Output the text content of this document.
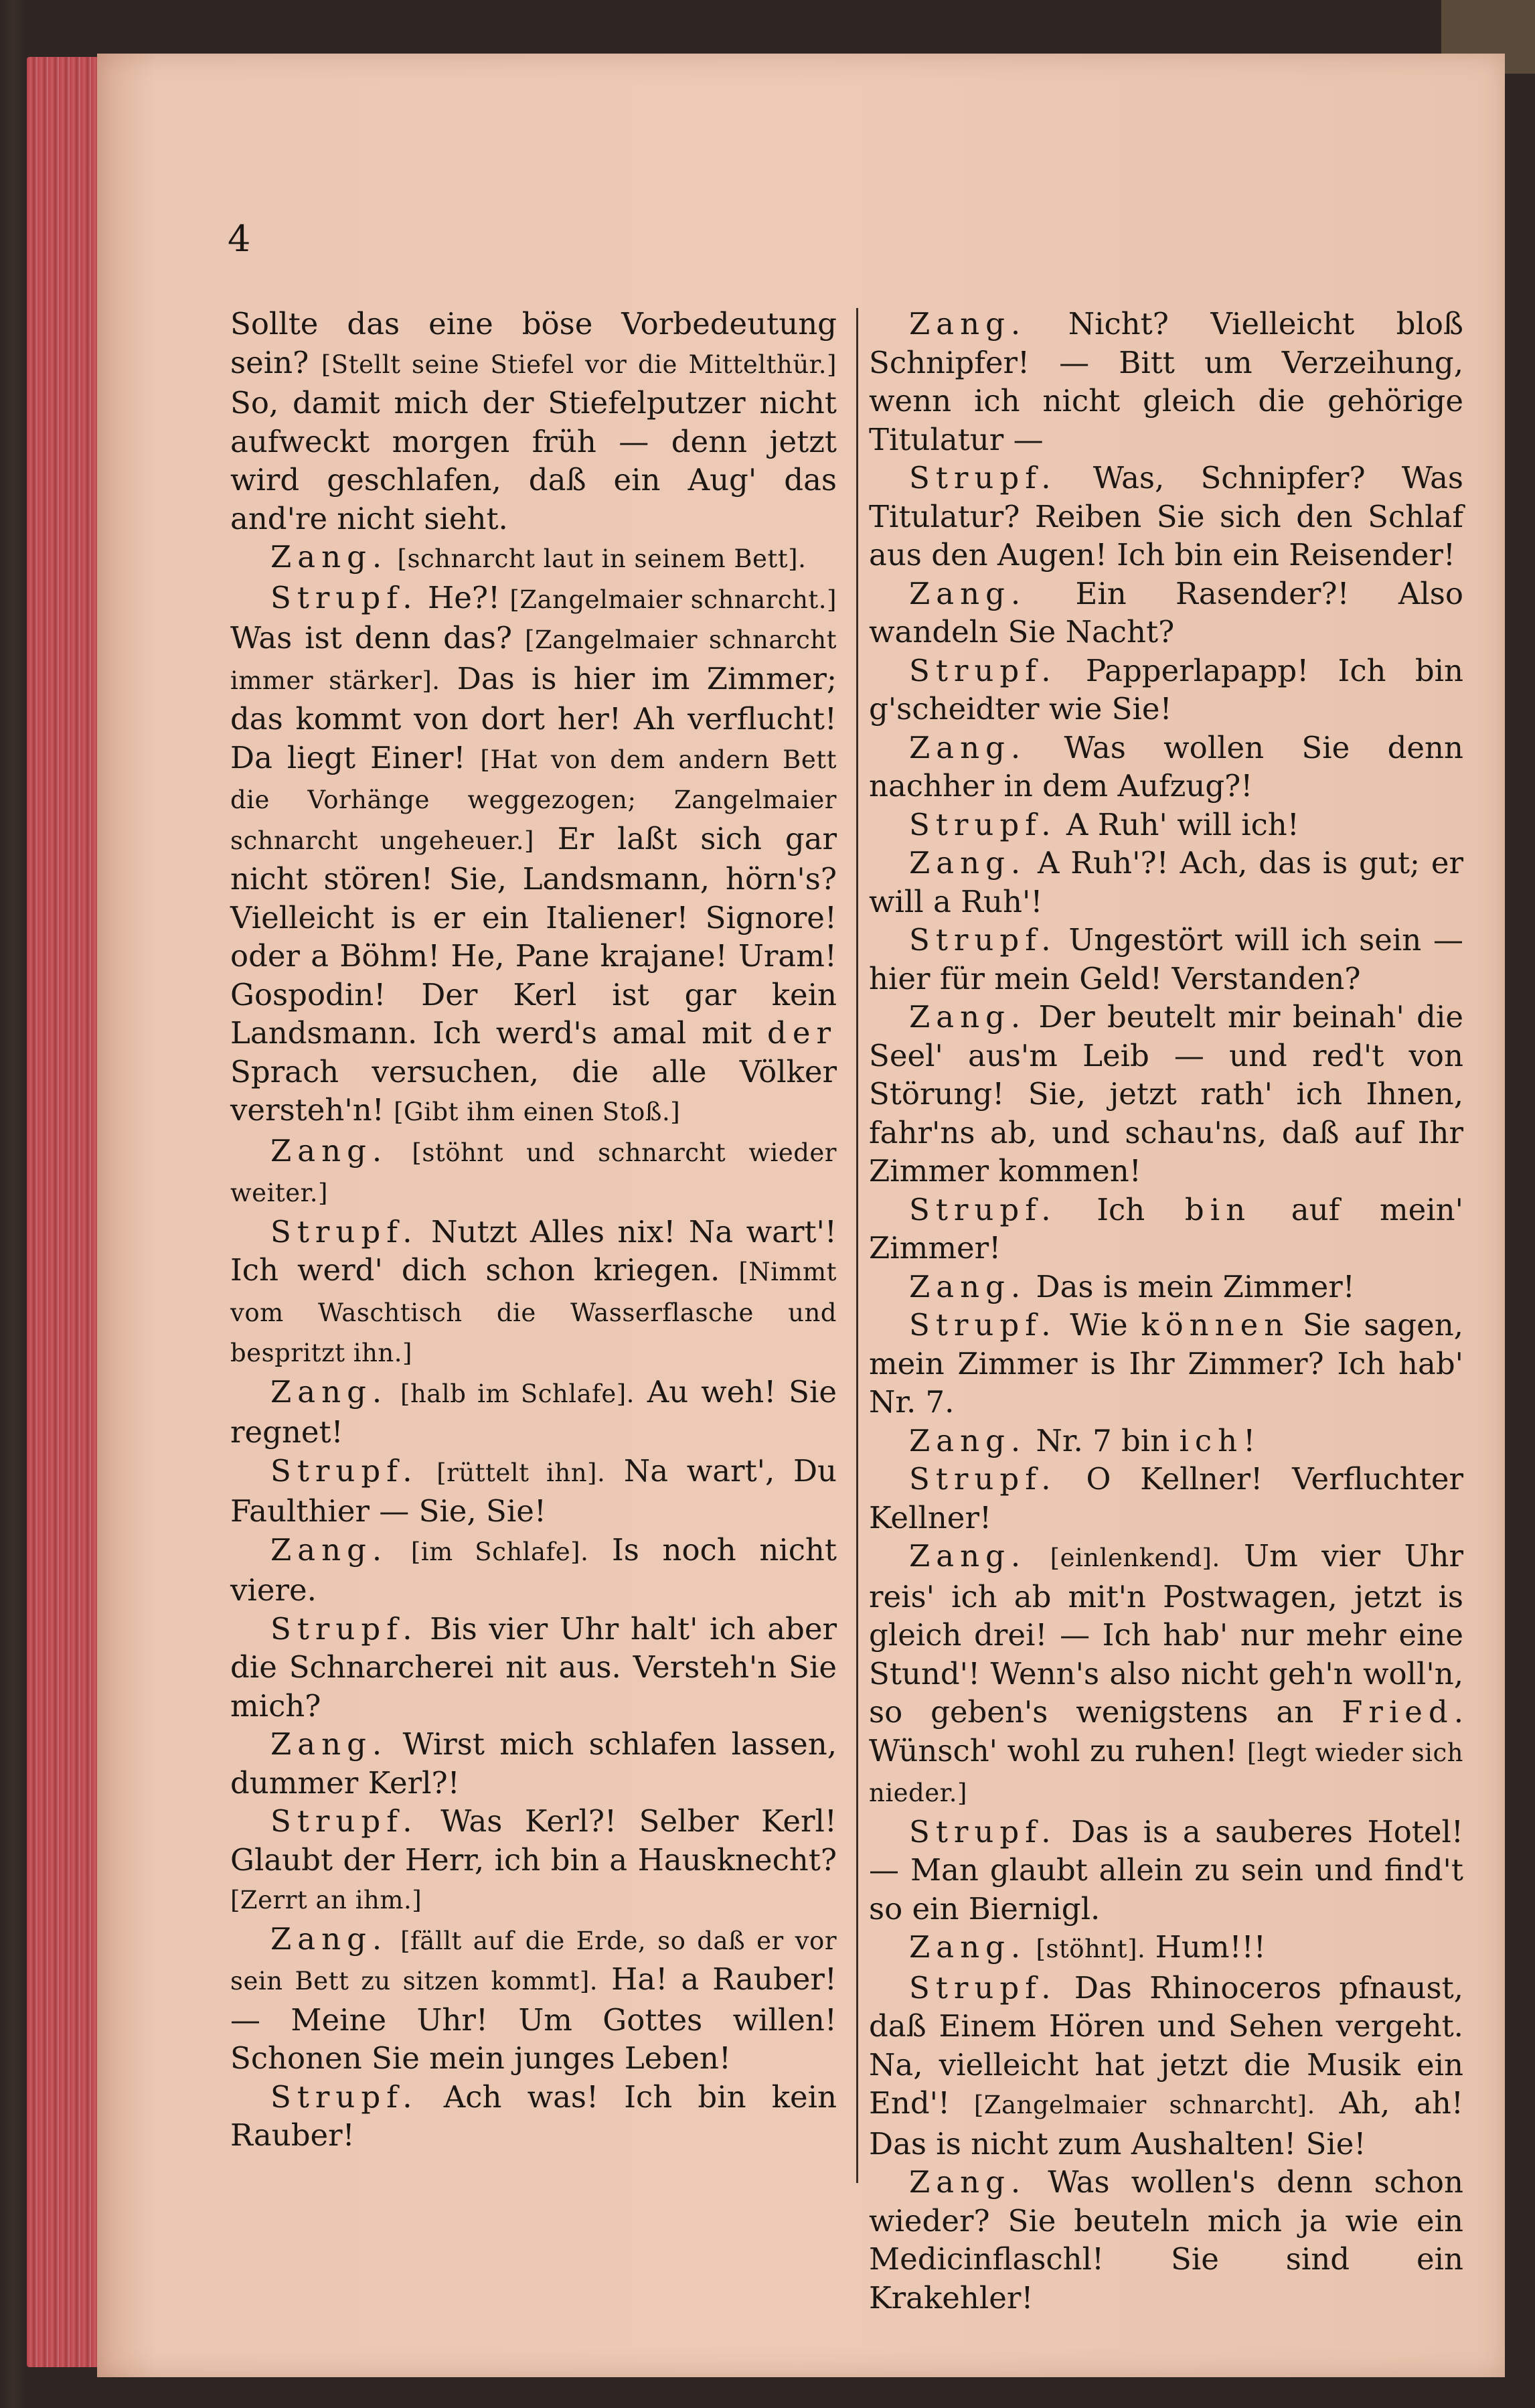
4

Sollte das eine böse Vorbedeutung sein? [Stellt seine Stiefel vor die Mittelthür.] So, damit mich der Stiefelputzer nicht aufweckt morgen früh — denn jetzt wird geschlafen, daß ein Aug' das and're nicht sieht.

Zang. [schnarcht laut in seinem Bett].

Strupf. He?! [Zangelmaier schnarcht.] Was ist denn das? [Zangelmaier schnarcht immer stärker]. Das is hier im Zimmer; das kommt von dort her! Ah verflucht! Da liegt Einer! [Hat von dem andern Bett die Vorhänge weggezogen; Zangelmaier schnarcht ungeheuer.] Er laßt sich gar nicht stören! Sie, Landsmann, hörn's? Vielleicht is er ein Italiener! Signore! oder a Böhm! He, Pane krajane! Uram! Gospodin! Der Kerl ist gar kein Landsmann. Ich werd's amal mit der Sprach versuchen, die alle Völker versteh'n! [Gibt ihm einen Stoß.]

Zang. [stöhnt und schnarcht wieder weiter.]

Strupf. Nutzt Alles nix! Na wart'! Ich werd' dich schon kriegen. [Nimmt vom Waschtisch die Wasserflasche und bespritzt ihn.]

Zang. [halb im Schlafe]. Au weh! Sie regnet!

Strupf. [rüttelt ihn]. Na wart', Du Faulthier — Sie, Sie!

Zang. [im Schlafe]. Is noch nicht viere.

Strupf. Bis vier Uhr halt' ich aber die Schnarcherei nit aus. Versteh'n Sie mich?

Zang. Wirst mich schlafen lassen, dummer Kerl?!

Strupf. Was Kerl?! Selber Kerl! Glaubt der Herr, ich bin a Hausknecht? [Zerrt an ihm.]

Zang. [fällt auf die Erde, so daß er vor sein Bett zu sitzen kommt]. Ha! a Rauber! — Meine Uhr! Um Gottes willen! Schonen Sie mein junges Leben!

Strupf. Ach was! Ich bin kein Rauber!

Zang. Nicht? Vielleicht bloß Schnipfer! — Bitt um Verzeihung, wenn ich nicht gleich die gehörige Titulatur —

Strupf. Was, Schnipfer? Was Titulatur? Reiben Sie sich den Schlaf aus den Augen! Ich bin ein Reisender!

Zang. Ein Rasender?! Also wandeln Sie Nacht?

Strupf. Papperlapapp! Ich bin g'scheidter wie Sie!

Zang. Was wollen Sie denn nachher in dem Aufzug?!

Strupf. A Ruh' will ich!

Zang. A Ruh'?! Ach, das is gut; er will a Ruh'!

Strupf. Ungestört will ich sein — hier für mein Geld! Verstanden?

Zang. Der beutelt mir beinah' die Seel' aus'm Leib — und red't von Störung! Sie, jetzt rath' ich Ihnen, fahr'ns ab, und schau'ns, daß auf Ihr Zimmer kommen!

Strupf. Ich bin auf mein' Zimmer!

Zang. Das is mein Zimmer!

Strupf. Wie können Sie sagen, mein Zimmer is Ihr Zimmer? Ich hab' Nr. 7.

Zang. Nr. 7 bin ich!

Strupf. O Kellner! Verfluchter Kellner!

Zang. [einlenkend]. Um vier Uhr reis' ich ab mit'n Postwagen, jetzt is gleich drei! — Ich hab' nur mehr eine Stund'! Wenn's also nicht geh'n woll'n, so geben's wenigstens an Fried. Wünsch' wohl zu ruhen! [legt wieder sich nieder.]

Strupf. Das is a sauberes Hotel! — Man glaubt allein zu sein und find't so ein Biernigl.

Zang. [stöhnt]. Hum!!!

Strupf. Das Rhinoceros pfnaust, daß Einem Hören und Sehen vergeht. Na, vielleicht hat jetzt die Musik ein End'! [Zangelmaier schnarcht]. Ah, ah! Das is nicht zum Aushalten! Sie!

Zang. Was wollen's denn schon wieder? Sie beuteln mich ja wie ein Medicinflaschl! Sie sind ein Krakehler!
